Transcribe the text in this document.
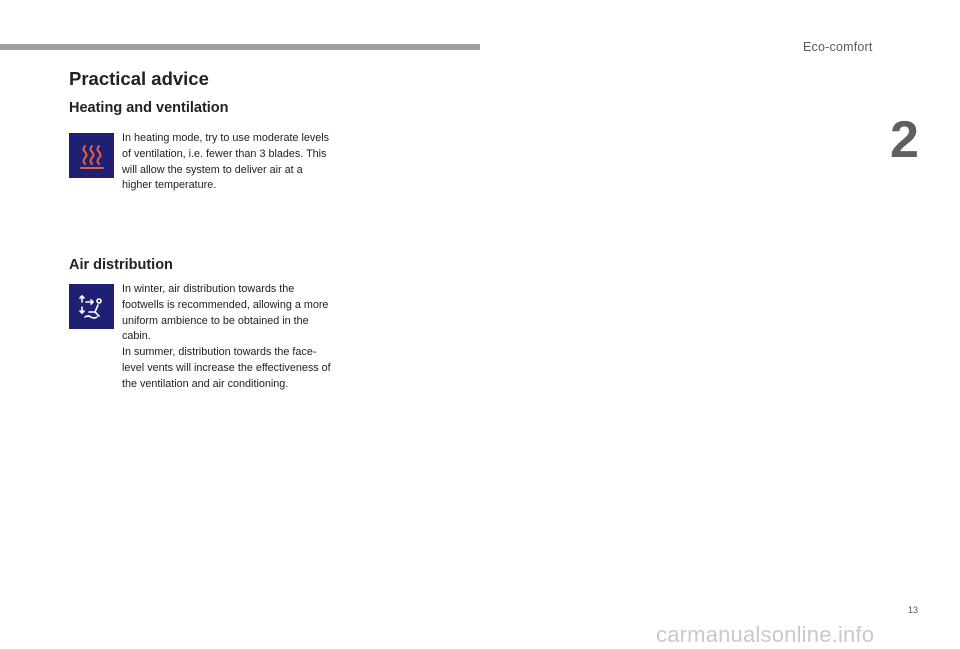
Eco-comfort
2
Practical advice
Heating and ventilation

In heating mode, try to use moderate levels of ventilation, i.e. fewer than 3 blades. This will allow the system to deliver air at a higher temperature.

Air distribution

In winter, air distribution towards the footwells is recommended, allowing a more uniform ambience to be obtained in the cabin.

In summer, distribution towards the face-level vents will increase the effectiveness of the ventilation and air conditioning.

13
carmanualsonline.info
